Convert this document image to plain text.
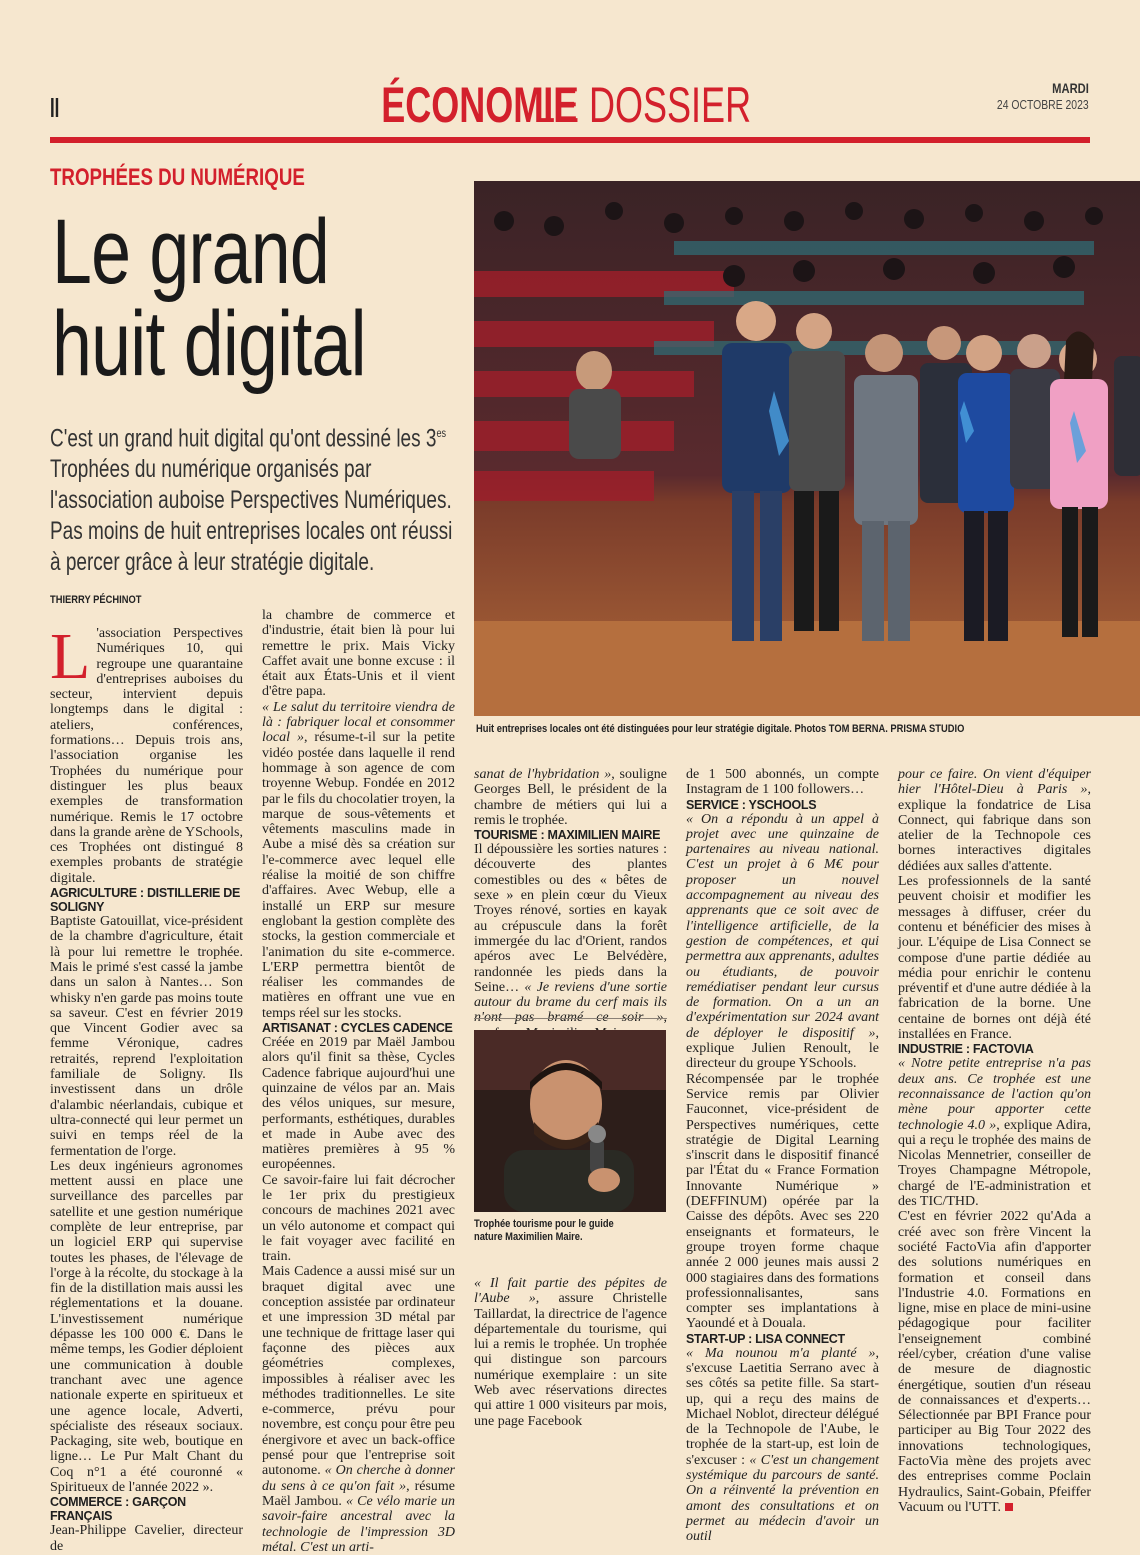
II	ÉCONOMIE LE DOSSIER	MARDI
24 OCTOBRE 2023
TROPHÉES DU NUMÉRIQUE
Le grand
huit digital
C'est un grand huit digital qu'ont dessiné les $3^{es}$ Trophées du numérique organisés par l'association auboise Perspectives Numériques. Pas moins de huit entreprises locales ont réussi à percer grâce à leur stratégie digitale.
THIERRY PÉCHINOT
Huit entreprises locales ont été distinguées pour leur stratégie digitale. Photos TOM BERNA. PRISMA STUDIO

L 'association Perspectives Numériques 10, qui regroupe une quarantaine d'entreprises auboises du secteur, intervient depuis longtemps dans le digital : ateliers, conférences, formations… Depuis trois ans, l'association organise les Trophées du numérique pour distinguer les plus beaux exemples de transformation numérique. Remis le 17 octobre dans la grande arène de YSchools, ces Trophées ont distingué 8 exemples probants de stratégie digitale.

AGRICULTURE : DISTILLERIE DE SOLIGNY

Baptiste Gatouillat, vice-président de la chambre d'agriculture, était là pour lui remettre le trophée. Mais le primé s'est cassé la jambe dans un salon à Nantes… Son whisky n'en garde pas moins toute sa saveur. C'est en février 2019 que Vincent Godier avec sa femme Véronique, cadres retraités, reprend l'exploitation familiale de Soligny. Ils investissent dans un drôle d'alambic néerlandais, cubique et ultra-connecté qui leur permet un suivi en temps réel de la fermentation de l'orge.

Les deux ingénieurs agronomes mettent aussi en place une surveillance des parcelles par satellite et une gestion numérique complète de leur entreprise, par un logiciel ERP qui supervise toutes les phases, de l'élevage de l'orge à la récolte, du stockage à la fin de la distillation mais aussi les réglementations et la douane. L'investissement numérique dépasse les 100 000 €. Dans le même temps, les Godier déploient une communication à double tranchant avec une agence nationale experte en spiritueux et une agence locale, Adverti, spécialiste des réseaux sociaux. Packaging, site web, boutique en ligne… Le Pur Malt Chant du Coq n°1 a été couronné « Spiritueux de l'année 2022 ».

COMMERCE : GARÇON FRANÇAIS

Jean-Philippe Cavelier, directeur de

la chambre de commerce et d'industrie, était bien là pour lui remettre le prix. Mais Vicky Caffet avait une bonne excuse : il était aux États-Unis et il vient d'être papa.

« Le salut du territoire viendra de là : fabriquer local et consommer local », résume-t-il sur la petite vidéo postée dans laquelle il rend hommage à son agence de com troyenne Webup. Fondée en 2012 par le fils du chocolatier troyen, la marque de sous-vêtements et vêtements masculins made in Aube a misé dès sa création sur l'e-commerce avec lequel elle réalise la moitié de son chiffre d'affaires. Avec Webup, elle a installé un ERP sur mesure englobant la gestion complète des stocks, la gestion commerciale et l'animation du site e-commerce. L'ERP permettra bientôt de réaliser les commandes de matières en offrant une vue en temps réel sur les stocks.

ARTISANAT : CYCLES CADENCE

Créée en 2019 par Maël Jambou alors qu'il finit sa thèse, Cycles Cadence fabrique aujourd'hui une quinzaine de vélos par an. Mais des vélos uniques, sur mesure, performants, esthétiques, durables et made in Aube avec des matières premières à 95 % européennes.

Ce savoir-faire lui fait décrocher le 1er prix du prestigieux concours de machines 2021 avec un vélo autonome et compact qui le fait voyager avec facilité en train.

Mais Cadence a aussi misé sur un braquet digital avec une conception assistée par ordinateur et une impression 3D métal par une technique de frittage laser qui façonne des pièces aux géométries complexes, impossibles à réaliser avec les méthodes traditionnelles. Le site e-commerce, prévu pour novembre, est conçu pour être peu énergivore et avec un back-office pensé pour que l'entreprise soit autonome. « On cherche à donner du sens à ce qu'on fait », résume Maël Jambou. « Ce vélo marie un savoir-faire ancestral avec la technologie de l'impression 3D métal. C'est un arti-

sanat de l'hybridation », souligne Georges Bell, le président de la chambre de métiers qui lui a remis le trophée.

TOURISME : MAXIMILIEN MAIRE

Il dépoussière les sorties natures : découverte des plantes comestibles ou des « bêtes de sexe » en plein cœur du Vieux Troyes rénové, sorties en kayak au crépuscule dans la forêt immergée du lac d'Orient, randos apéros avec Le Belvédère, randonnée les pieds dans la Seine… « Je reviens d'une sortie autour du brame du cerf mais ils n'ont pas bramé ce soir »,

Trophée tourisme pour le guide nature Maximilien Maire.

« Il fait partie des pépites de l'Aube », assure Christelle Taillardat, la directrice de l'agence départementale du tourisme, qui lui a remis le trophée. Un trophée qui distingue son parcours numérique exemplaire : un site Web avec réservations directes qui attire 1 000 visiteurs par mois, une page Facebook

de 1 500 abonnés, un compte Instagram de 1 100 followers…

SERVICE : YSCHOOLS

« On a répondu à un appel à projet avec une quinzaine de partenaires au niveau national. C'est un projet à 6 M€ pour proposer un nouvel accompagnement au niveau des apprenants que ce soit avec de l'intelligence artificielle, de la gestion de compétences, et qui permettra aux apprenants, adultes ou étudiants, de pouvoir remédiatiser pendant leur cursus de formation. On a un an d'expérimentation sur 2024 avant de déployer le dispositif », explique Julien Renoult, le directeur du groupe YSchools.

Récompensée par le trophée Service remis par Olivier Fauconnet, vice-président de Perspectives numériques, cette stratégie de Digital Learning s'inscrit dans le dispositif financé par l'État du « France Formation Innovante Numérique » (DEFFINUM) opérée par la Caisse des dépôts. Avec ses 220 enseignants et formateurs, le groupe troyen forme chaque année 2 000 jeunes mais aussi 2 000 stagiaires dans des formations professionnalisantes, sans compter ses implantations à Yaoundé et à Douala.

START-UP : LISA CONNECT

« Ma nounou m'a planté », s'excuse Laetitia Serrano avec à ses côtés sa petite fille. Sa start-up, qui a reçu des mains de Michael Noblot, directeur délégué de la Technopole de l'Aube, le trophée de la start-up, est loin de s'excuser : « C'est un changement systémique du parcours de santé. On a réinventé la prévention en amont des consultations et on permet au médecin d'avoir un outil

pour ce faire. On vient d'équiper hier l'Hôtel-Dieu à Paris », explique la fondatrice de Lisa Connect, qui fabrique dans son atelier de la Technopole ces bornes interactives digitales dédiées aux salles d'attente.

Les professionnels de la santé peuvent choisir et modifier les messages à diffuser, créer du contenu et bénéficier des mises à jour. L'équipe de Lisa Connect se compose d'une partie dédiée au média pour enrichir le contenu préventif et d'une autre dédiée à la fabrication de la borne. Une centaine de bornes ont déjà été installées en France.

INDUSTRIE : FACTOVIA

« Notre petite entreprise n'a pas deux ans. Ce trophée est une reconnaissance de l'action qu'on mène pour apporter cette technologie 4.0 », explique Adira, qui a reçu le trophée des mains de Nicolas Mennetrier, conseiller de Troyes Champagne Métropole, chargé de l'E-administration et des TIC/THD.

C'est en février 2022 qu'Ada a créé avec son frère Vincent la société FactoVia afin d'apporter des solutions numériques en formation et conseil dans l'Industrie 4.0. Formations en ligne, mise en place de mini-usine pédagogique pour faciliter l'enseignement combiné réel/cyber, création d'une valise de mesure de diagnostic énergétique, soutien d'un réseau de connaissances et d'experts… Sélectionnée par BPI France pour participer au Big Tour 2022 des innovations technologiques, FactoVia mène des projets avec des entreprises comme Poclain Hydraulics, Saint-Gobain, Pfeiffer Vacuum ou l'UTT.
